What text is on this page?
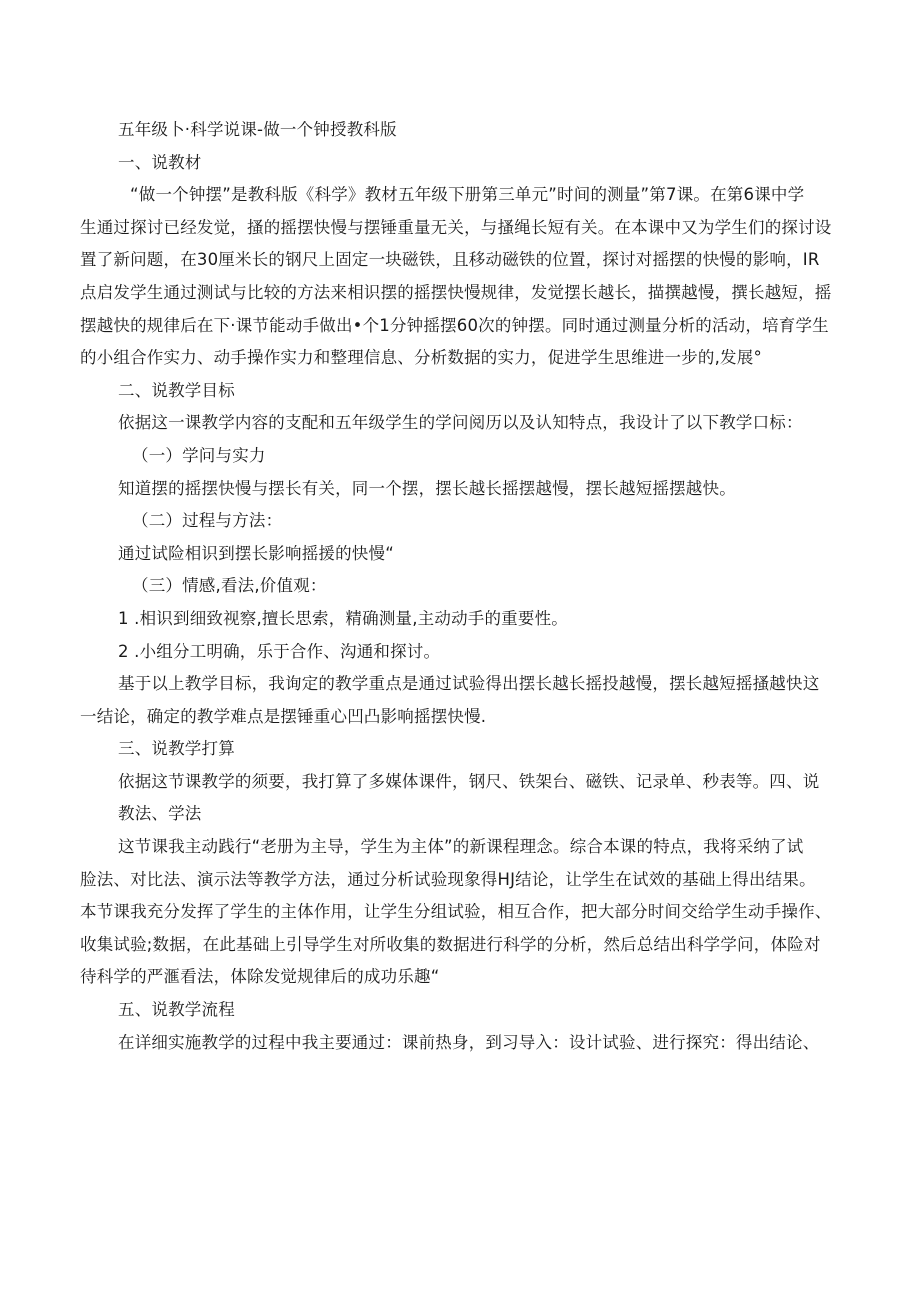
五年级卜·科学说课-做一个钟授教科版
一、说教材
“做一个钟摆”是教科版《科学》教材五年级下册第三单元”时间的测量”第7课。在第6课中学
生通过探讨已经发觉，搔的摇摆快慢与摆锤重量无关，与搔绳长短有关。在本课中又为学生们的探讨设
置了新问题，在30厘米长的钢尺上固定一块磁铁，且移动磁铁的位置，探讨对摇摆的快慢的影响，IR
点启发学生通过测试与比较的方法来相识摆的摇摆快慢规律，发觉摆长越长，描撰越慢，撰长越短，摇
摆越快的规律后在下·课节能动手做出•个1分钟摇摆60次的钟摆。同时通过测量分析的活动，培育学生
的小组合作实力、动手操作实力和整理信息、分析数据的实力，促进学生思维进一步的,发展°
二、说教学目标
依据这一课教学内容的支配和五年级学生的学问阅历以及认知特点，我设计了以下教学口标：
（一）学问与实力
知道摆的摇摆快慢与摆长有关，同一个摆，摆长越长摇摆越慢，摆长越短摇摆越快。
（二）过程与方法：
通过试险相识到摆长影响摇援的快慢“
（三）情感,看法,价值观：
1 .相识到细致视察,擅长思索，精确测量,主动动手的重要性。
2 .小组分工明确，乐于合作、沟通和探讨。
基于以上教学目标，我询定的教学重点是通过试验得出摆长越长摇投越慢，摆长越短摇搔越快这
一结论，确定的教学难点是摆锤重心凹凸影响摇摆快慢.
三、说教学打算
依据这节课教学的须要，我打算了多媒体课件，钢尺、铁架台、磁铁、记录单、秒表等。四、说
教法、学法
这节课我主动践行“老册为主导，学生为主体”的新课程理念。综合本课的特点，我将采纳了试
脸法、对比法、演示法等教学方法，通过分析试验现象得HJ结论，让学生在试效的基础上得出结果。
本节课我充分发挥了学生的主体作用，让学生分组试验，相互合作，把大部分时间交给学生动手操作、
收集试验;数据，在此基础上引导学生对所收集的数据进行科学的分析，然后总结出科学学问，体险对
待科学的严滙看法，体除发觉规律后的成功乐趣“
五、说教学流程
在详细实施教学的过程中我主要通过：课前热身，到习导入：设计试验、进行探究：得出结论、
